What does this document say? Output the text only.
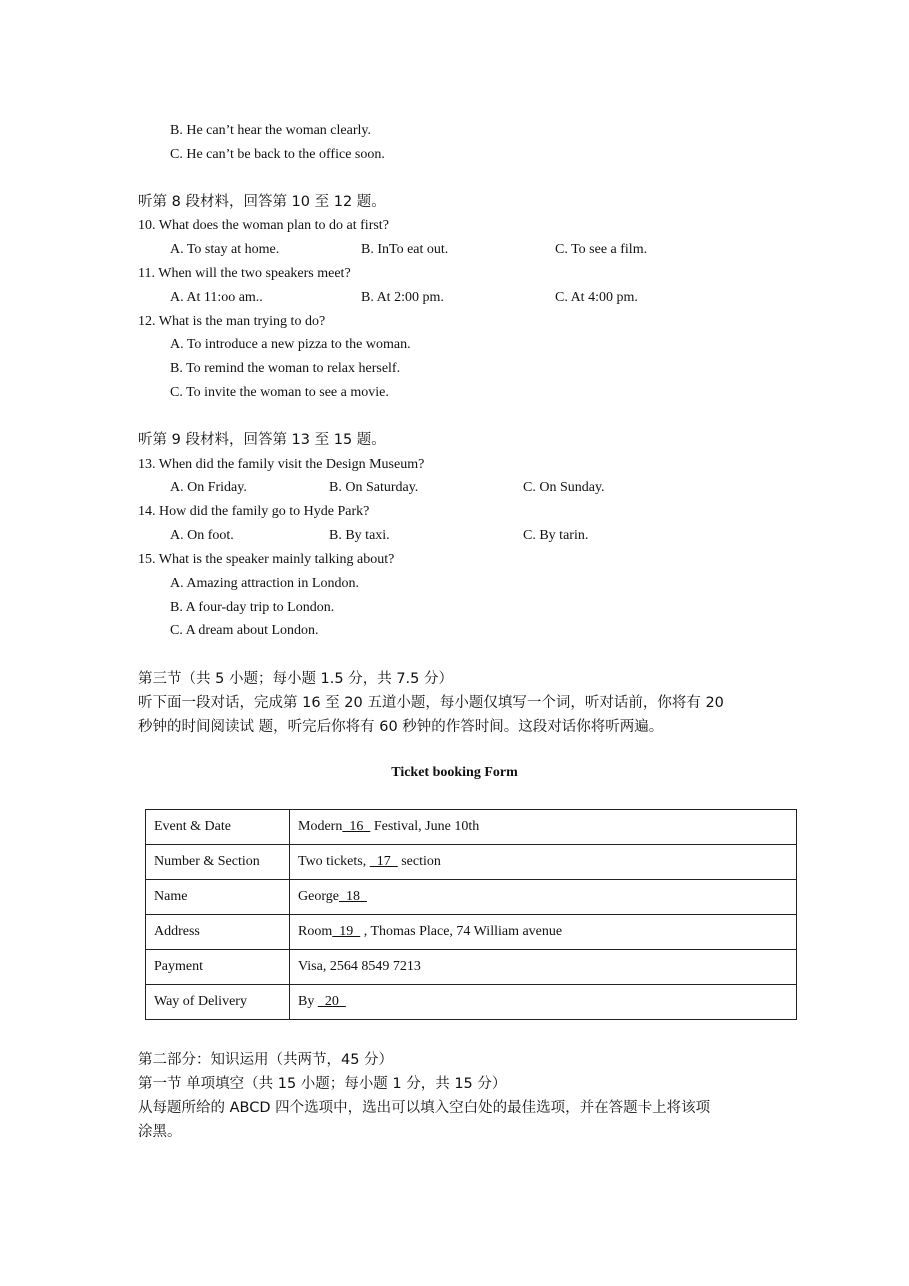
B. He can’t hear the woman clearly.
C. He can’t be back to the office soon.
听第 8 段材料，回答第 10 至 12 题。
10. What does the woman plan to do at first?
A. To stay at home.	B. InTo eat out.	C. To see a film.
11. When will the two speakers meet?
A. At 11:oo am..	B. At 2:00 pm.	C. At 4:00 pm.
12. What is the man trying to do?
A. To introduce a new pizza to the woman.
B. To remind the woman to relax herself.
C. To invite the woman to see a movie.
听第 9 段材料，回答第 13 至 15 题。
13. When did the family visit the Design Museum?
A. On Friday.	B. On Saturday.	C. On Sunday.
14. How did the family go to Hyde Park?
A. On foot.	B. By taxi.	C. By tarin.
15. What is the speaker mainly talking about?
A. Amazing attraction in London.
B. A four-day trip to London.
C. A dream about London.
第三节（共 5 小题；每小题 1.5 分，共 7.5 分）
听下面一段对话，完成第 16 至 20 五道小题，每小题仅填写一个词，听对话前，你将有 20
秒钟的时间阅读试 题，听完后你将有 60 秒钟的作答时间。这段对话你将听两遍。
Ticket booking Form
Event & Date	Modern  16   Festival, June 10th
Number & Section	Two tickets,   17   section
Name	George  18
Address	Room  19   , Thomas Place, 74 William avenue
Payment	Visa, 2564 8549 7213
Way of Delivery	By   20
第二部分：知识运用（共两节，45 分）
第一节 单项填空（共 15 小题；每小题 1 分，共 15 分）
从每题所给的 ABCD 四个选项中，选出可以填入空白处的最佳选项，并在答题卡上将该项
涂黑。
